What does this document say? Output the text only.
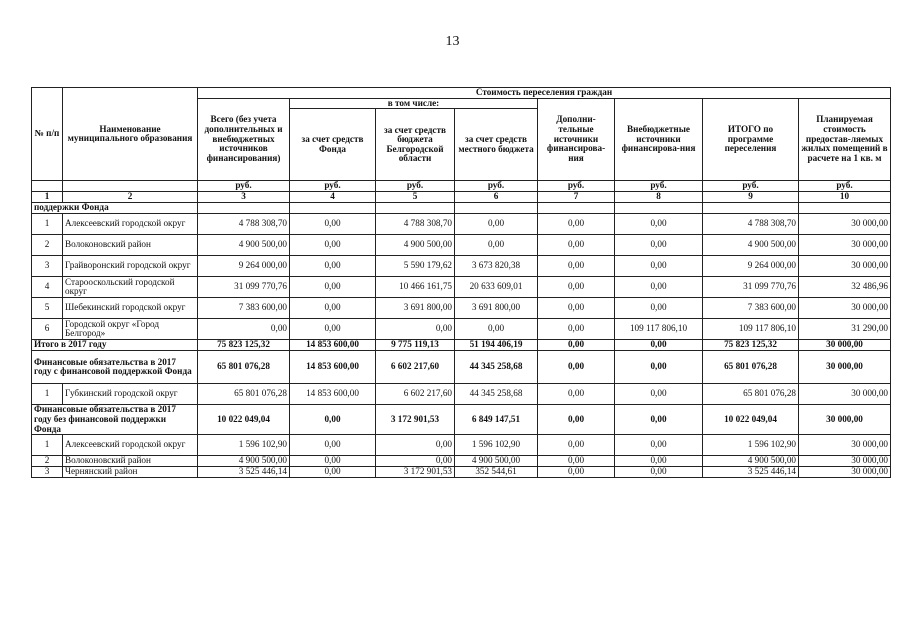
13
№ п/п	Наименование муниципального образования	Стоимость переселения граждан							
		Всего (без учета дополнительных и внебюджетных источников финансирования)	в том числе:			Дополни-тельные источники финансирова-ния	Внебюджетные источники финансирова-ния	ИТОГО по программе переселения	Планируемая стоимость предостав-ляемых жилых помещений в расчете на 1 кв. м
			за счет средств Фонда	за счет средств бюджета Белгородской области	за счет средств местного бюджета				
		руб.	руб.	руб.	руб.	руб.	руб.	руб.	руб.
1	2	3	4	5	6	7	8	9	10
поддержки Фонда									
1	Алексеевский городской округ	4 788 308,70	0,00	4 788 308,70	0,00	0,00	0,00	4 788 308,70	30 000,00
2	Волоконовский район	4 900 500,00	0,00	4 900 500,00	0,00	0,00	0,00	4 900 500,00	30 000,00
3	Грайворонский городской округ	9 264 000,00	0,00	5 590 179,62	3 673 820,38	0,00	0,00	9 264 000,00	30 000,00
4	Старооскольский городской округ	31 099 770,76	0,00	10 466 161,75	20 633 609,01	0,00	0,00	31 099 770,76	32 486,96
5	Шебекинский городской округ	7 383 600,00	0,00	3 691 800,00	3 691 800,00	0,00	0,00	7 383 600,00	30 000,00
6	Городской округ «Город Белгород»	0,00	0,00	0,00	0,00	0,00	109 117 806,10	109 117 806,10	31 290,00
Итого в 2017 году		75 823 125,32	14 853 600,00	9 775 119,13	51 194 406,19	0,00	0,00	75 823 125,32	30 000,00
Финансовые обязательства в 2017 году с финансовой поддержкой Фонда		65 801 076,28	14 853 600,00	6 602 217,60	44 345 258,68	0,00	0,00	65 801 076,28	30 000,00
1	Губкинский городской округ	65 801 076,28	14 853 600,00	6 602 217,60	44 345 258,68	0,00	0,00	65 801 076,28	30 000,00
Финансовые обязательства в 2017 году без финансовой поддержки Фонда		10 022 049,04	0,00	3 172 901,53	6 849 147,51	0,00	0,00	10 022 049,04	30 000,00
1	Алексеевский городской округ	1 596 102,90	0,00	0,00	1 596 102,90	0,00	0,00	1 596 102,90	30 000,00
2	Волоконовский район	4 900 500,00	0,00	0,00	4 900 500,00	0,00	0,00	4 900 500,00	30 000,00
3	Чернянский район	3 525 446,14	0,00	3 172 901,53	352 544,61	0,00	0,00	3 525 446,14	30 000,00
